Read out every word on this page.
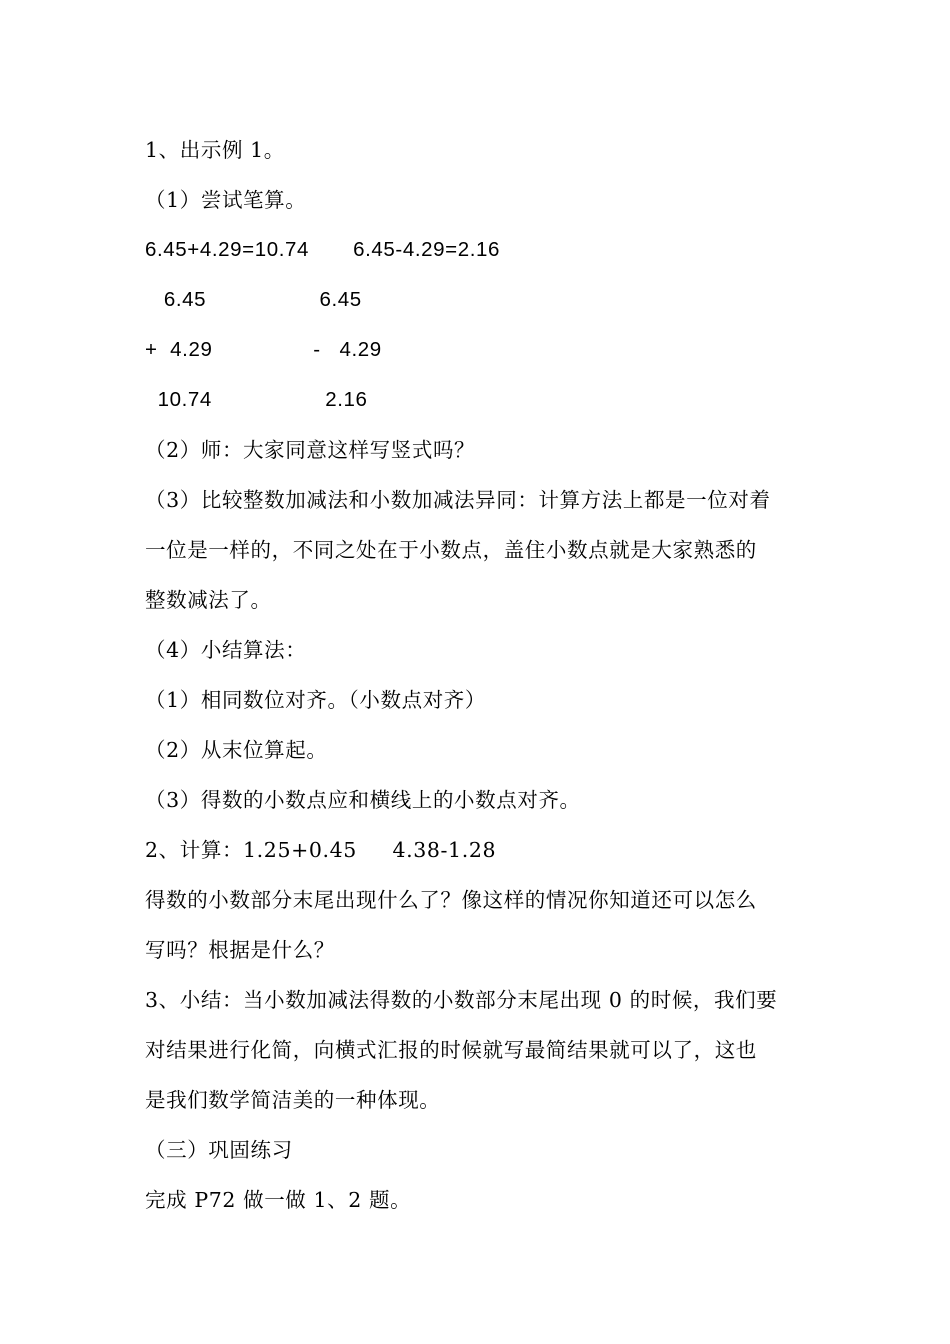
1、出示例 1。
（1）尝试笔算。
6.45+4.29=10.74       6.45-4.29=2.16
6.45                  6.45
+  4.29                -   4.29
10.74                  2.16
（2）师：大家同意这样写竖式吗？
（3）比较整数加减法和小数加减法异同：计算方法上都是一位对着
一位是一样的，不同之处在于小数点，盖住小数点就是大家熟悉的
整数减法了。
（4）小结算法：
（1）相同数位对齐。（小数点对齐）
（2）从末位算起。
（3）得数的小数点应和横线上的小数点对齐。
2、计算：1.25+0.45     4.38-1.28
得数的小数部分末尾出现什么了？像这样的情况你知道还可以怎么
写吗？根据是什么？
3、小结：当小数加减法得数的小数部分末尾出现 0 的时候，我们要
对结果进行化简，向横式汇报的时候就写最简结果就可以了，这也
是我们数学简洁美的一种体现。
（三）巩固练习
完成 P72 做一做 1、2 题。
